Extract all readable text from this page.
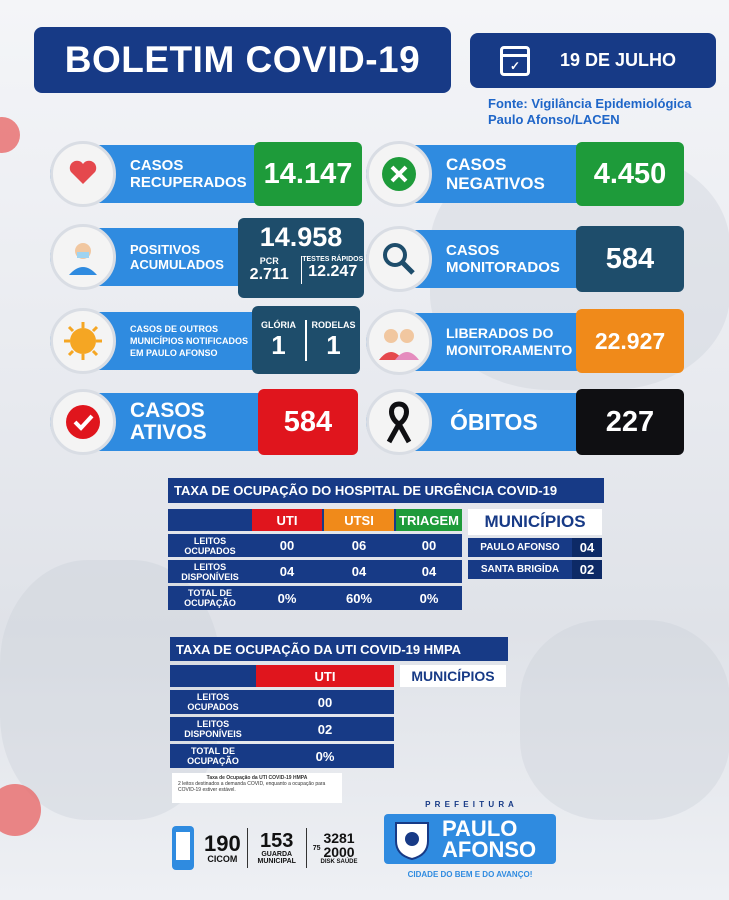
BOLETIM COVID-19	✓ 19 DE JULHO
Fonte: Vigilância Epidemiológica
Paulo Afonso/LACEN
CASOS
RECUPERADOS 14.147	CASOS
NEGATIVOS	4.450
POSITIVOS
ACUMULADOS
14.958
PCR
2.711
TESTES RÁPIDOS
12.247
CASOS
MONITORADOS	584
CASOS DE OUTROS
MUNICÍPIOS NOTIFICADOS
EM PAULO AFONSO
GLÓRIA
1
RODELAS
1	LIBERADOS DO
MONITORAMENTO 22.927
CASOS
ATIVOS	584	ÓBITOS	227
TAXA DE OCUPAÇÃO DO HOSPITAL DE URGÊNCIA COVID-19
UTI	UTSI	TRIAGEM
LEITOS OCUPADOS	00	06	00
LEITOS DISPONÍVEIS	04	04	04
TOTAL DE OCUPAÇÃO	0%	60%	0%
MUNICÍPIOS
PAULO AFONSO	04
SANTA BRIGÍDA	02
TAXA DE OCUPAÇÃO DA UTI COVID-19 HMPA
UTI	MUNICÍPIOS
LEITOS OCUPADOS	00
LEITOS DISPONÍVEIS	02
TOTAL DE OCUPAÇÃO	0%
Taxa de Ocupação da UTI COVID-19 HMPA
2 leitos destinados a demanda COVID, enquanto a ocupação para COVID-19 estiver estável.
190
CICOM
153
GUARDA MUNICIPAL
75
3281
2000
DISK SAÚDE
P R E F E I T U R A
PAULO
AFONSO
CIDADE DO BEM E DO AVANÇO!
